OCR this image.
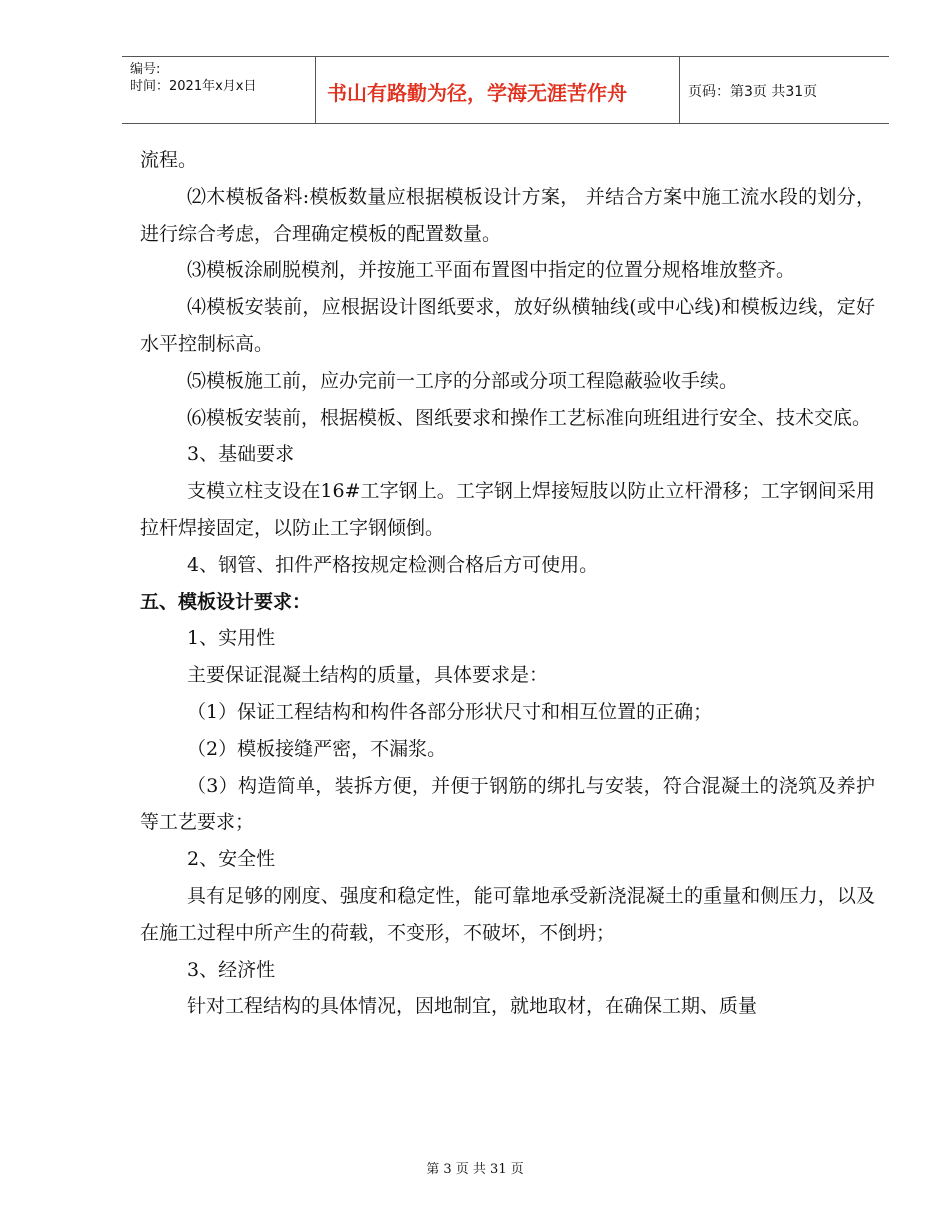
编号:
时间：2021年x月x日	书山有路勤为径，学海无涯苦作舟	页码：第3页 共31页

流程。

⑵木模板备料:模板数量应根据模板设计方案， 并结合方案中施工流水段的划分，进行综合考虑，合理确定模板的配置数量。

⑶模板涂刷脱模剂，并按施工平面布置图中指定的位置分规格堆放整齐。

⑷模板安装前，应根据设计图纸要求，放好纵横轴线(或中心线)和模板边线，定好水平控制标高。

⑸模板施工前，应办完前一工序的分部或分项工程隐蔽验收手续。

⑹模板安装前，根据模板、图纸要求和操作工艺标准向班组进行安全、技术交底。

3、基础要求

支模立柱支设在16#工字钢上。工字钢上焊接短肢以防止立杆滑移；工字钢间采用拉杆焊接固定，以防止工字钢倾倒。

4、钢管、扣件严格按规定检测合格后方可使用。

五、模板设计要求：

1、实用性

主要保证混凝土结构的质量，具体要求是：

（1）保证工程结构和构件各部分形状尺寸和相互位置的正确；

（2）模板接缝严密，不漏浆。

（3）构造简单，装拆方便，并便于钢筋的绑扎与安装，符合混凝土的浇筑及养护等工艺要求；

2、安全性

具有足够的刚度、强度和稳定性，能可靠地承受新浇混凝土的重量和侧压力，以及在施工过程中所产生的荷载，不变形，不破坏，不倒坍；

3、经济性

针对工程结构的具体情况，因地制宜，就地取材，在确保工期、质量

第 3 页 共 31 页
